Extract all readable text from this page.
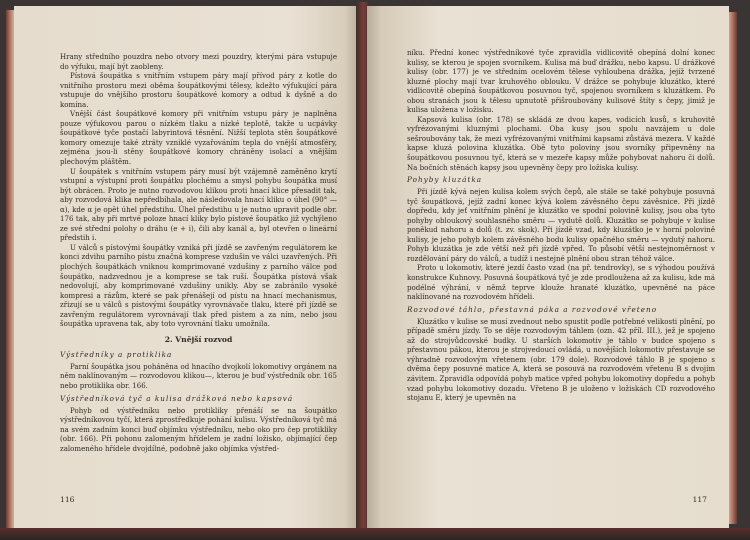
Hrany středního pouzdra nebo otvory mezi pouzdry, kterými pára vstupuje do výfuku, mají být zaobleny.

Pístová šoupátka s vnitřním vstupem páry mají přívod páry z kotle do vnitřního prostoru mezi oběma šoupátkovými tělesy, kdežto výfukující pára vstupuje do vnějšího prostoru šoupátkové komory a odtud k dyšně a do komína.

Vnější část šoupátkové komory při vnitřním vstupu páry je naplněna pouze výfukovou parou o nízkém tlaku a nízké teplotě, takže u ucpávky šoupátkové tyče postačí labyrintová těsnění. Nižší teplota stěn šoupátkové komory omezuje také ztráty vzniklé vyzařováním tepla do vnější atmosféry, zejména jsou-li stěny šoupátkové komory chráněny isolací a vnějším plechovým pláštěm.

U šoupátek s vnitřním vstupem páry musí být vzájemně zaměněno krytí vstupní a výstupní proti šoupátku plochému a smysl pohybu šoupátka musí být obrácen. Proto je nutno rozvodovou klikou proti hnací klice přesadit tak, aby rozvodová klika nepředbíhala, ale následovala hnací kliku o úhel (90° — α), kde α je opět úhel předstihu. Úhel předstihu u je nutno upravit podle obr. 176 tak, aby při mrtvé poloze hnací kliky bylo pístové šoupátko již vychýleno ze své střední polohy o dráhu (e + i), čili aby kanál a, byl otevřen o lineární předstih i.

U válců s pístovými šoupátky vzniká při jízdě se zavřeným regulátorem ke konci zdvihu parního pístu značná komprese vzdušin ve válci uzavřených. Při plochých šoupátkách vniknou komprimované vzdušiny z parního válce pod šoupátko, nadzvednou je a komprese se tak ruší. Šoupátka pístová však nedovolují, aby komprimované vzdušiny unikly. Aby se zabránilo vysoké kompresi a rázům, které se pak přenášejí od pístu na hnací mechanismus, zřizují se u válců s pístovými šoupátky vyrovnávače tlaku, které při jízdě se zavřeným regulátorem vyrovnávají tlak před pístem a za ním, nebo jsou šoupátka upravena tak, aby toto vyrovnání tlaku umožnila.

2. Vnější rozvod
Výstředníky a protiklika

Parní šoupátka jsou poháněna od hnacího dvojkolí lokomotivy orgánem na něm naklínovaným — rozvodovou klikou—, kterou je buď výstředník obr. 165 nebo protiklika obr. 166.

Výstředníková tyč a kulisa drážková nebo kapsová

Pohyb od výstředníku nebo protikliky přenáší se na šoupátko výstředníkovou tyčí, která zprostředkuje pohání kulisu. Výstředníková tyč má na svém zadním konci buď objímku výstředníku, nebo oko pro čep protikliky (obr. 166). Při pohonu zalomeným hřídelem je zadní ložisko, objímající čep zalomeného hřídele dvojdílné, podobně jako objímka výstřed-

116

níku. Přední konec výstředníkové tyče zpravidla vidlicovitě obepíná dolní konec kulisy, se kterou je spojen svorníkem. Kulisa má buď drážku, nebo kapsu. U drážkové kulisy (obr. 177) je ve středním ocelovém tělese vyhloubena drážka, jejíž tvrzené kluzné plochy mají tvar kruhového oblouku. V drážce se pohybuje kluzátko, které vidlicovitě obepíná šoupátkovou posuvnou tyč, spojenou svorníkem s kluzátkem. Po obou stranách jsou k tělesu upnutotě přišroubovány kulisové štíty s čepy, jimiž je kulisa uložena v ložisku.

Kapsová kulisa (obr. 178) se skládá ze dvou kapes, vodicích kusů, s kruhovitě vyfrézovanými kluznými plochami. Oba kusy jsou spolu navzájem u dole sešroubovány tak, že mezi vyfrézovanými vnitřními kapsami zůstává mezera. V každé kapse kluzá polovina kluzátka. Obě tyto poloviny jsou svorníky připevněny na šoupátkovou posuvnou tyč, která se v mezeře kapsy může pohybovat nahoru či dolů. Na bočních stěnách kapsy jsou upevněny čepy pro ložiska kulisy.

Pohyby kluzátka

Při jízdě kývá nejen kulisa kolem svých čepů, ale stále se také pohybuje posuvná tyč šoupátková, jejíž zadní konec kývá kolem závěsného čepu závěsnice. Při jízdě dopředu, kdy jeť vnitřním plnění je kluzátko ve spodní polovině kulisy, jsou oba tyto pohyby obloukový souhlasného směru — vydutě dolů. Kluzátko se pohybuje v kulise poněkud nahoru a dolů (t. zv. skok). Při jízdě vzad, kdy kluzátko je v horní polovině kulisy, je jeho pohyb kolem závěsného bodu kulisy opačného směru — vydutý nahoru. Pohyb kluzátka je zde větší než při jízdě vpřed. To působí větší nestejnoměrnost v rozdělování páry do válců, a tudíž i nestejné plnění obou stran téhož válce.

Proto u lokomotiv, které jezdí často vzad (na př. tendrovky), se s výhodou používá konstrukce Kuhnovy. Posuvná šoupátková tyč je zde prodloužena až za kulisu, kde má podélné výhrání, v němž teprve klouže hranaté kluzátko, upevněné na páce naklínované na rozvodovém hřídeli.

Rozvodové táhlo, přestavná páka a rozvodové vřeteno

Kluzátko v kulise se musí zvednout nebo spustit podle potřebné velikosti plnění, po případě směru jízdy. To se děje rozvodovým táhlem (ozn. 42 příl. III.), jež je spojeno až do strojvůdcovské budky. U starších lokomotiv je táhlo v budce spojeno s přestavnou pákou, kterou je strojvedoucí ovládá, u novějších lokomotiv přestavuje se výhradně rozvodovým vřetenem (obr. 179 dole). Rozvodové táhlo B je spojeno s dvěma čepy posuvné matice A, která se posouvá na rozvodovém vřetenu B s dvojím závitem. Zpravidla odpovídá pohyb matice vpřed pohybu lokomotivy dopředu a pohyb vzad pohybu lokomotivy dozadu. Vřeteno B je uloženo v ložiskách CD rozvodového stojanu E, který je upevněn na

117
